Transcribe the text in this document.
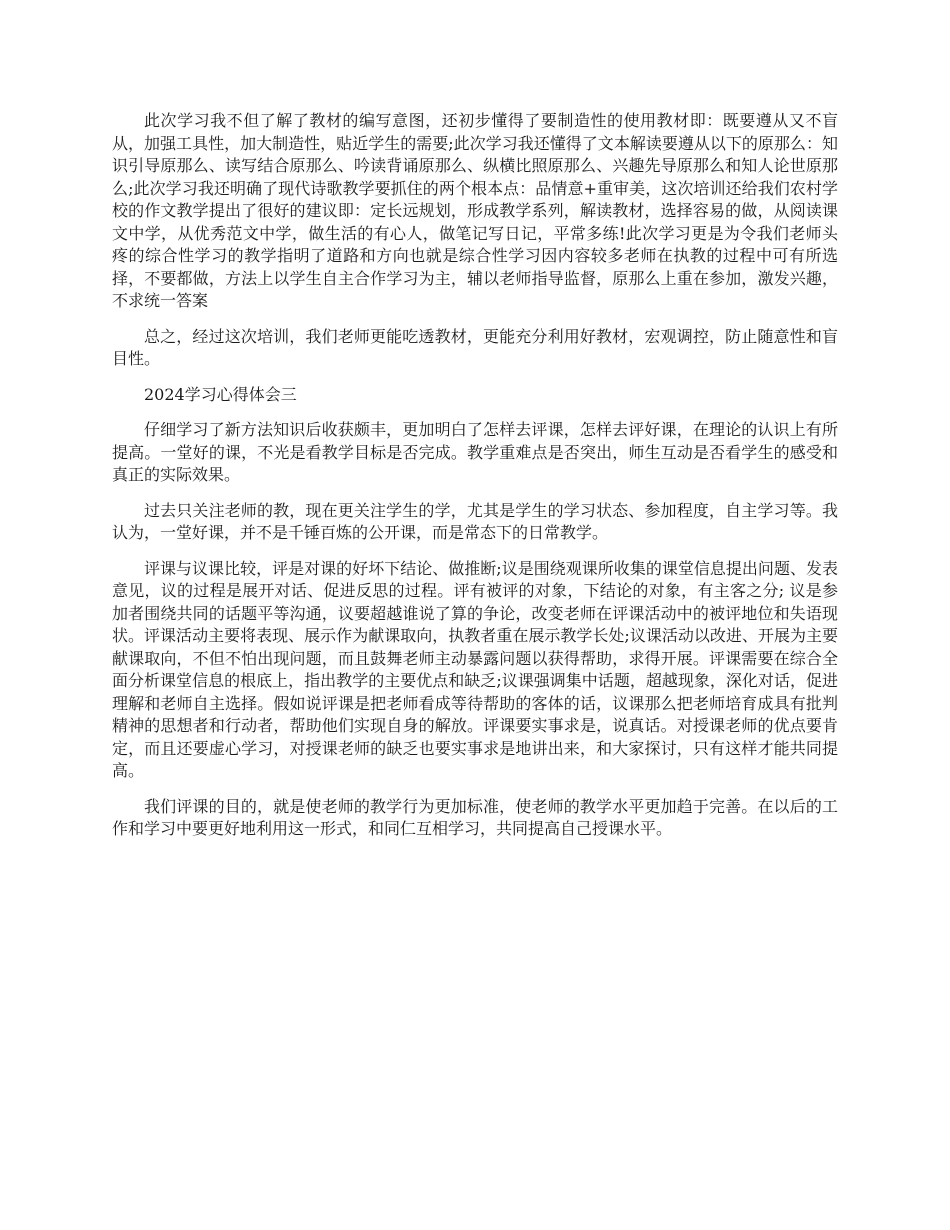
此次学习我不但了解了教材的编写意图，还初步懂得了要制造性的使用教材即：既要遵从又不盲从，加强工具性，加大制造性，贴近学生的需要;此次学习我还懂得了文本解读要遵从以下的原那么：知识引导原那么、读写结合原那么、吟读背诵原那么、纵横比照原那么、兴趣先导原那么和知人论世原那么;此次学习我还明确了现代诗歌教学要抓住的两个根本点：品情意+重审美，这次培训还给我们农村学校的作文教学提出了很好的建议即：定长远规划，形成教学系列，解读教材，选择容易的做，从阅读课文中学，从优秀范文中学，做生活的有心人，做笔记写日记，平常多练!此次学习更是为令我们老师头疼的综合性学习的教学指明了道路和方向也就是综合性学习因内容较多老师在执教的过程中可有所选择，不要都做，方法上以学生自主合作学习为主，辅以老师指导监督，原那么上重在参加，激发兴趣，不求统一答案

总之，经过这次培训，我们老师更能吃透教材，更能充分利用好教材，宏观调控，防止随意性和盲目性。

2024学习心得体会三

仔细学习了新方法知识后收获颇丰，更加明白了怎样去评课，怎样去评好课，在理论的认识上有所提高。一堂好的课，不光是看教学目标是否完成。教学重难点是否突出，师生互动是否看学生的感受和真正的实际效果。

过去只关注老师的教，现在更关注学生的学，尤其是学生的学习状态、参加程度，自主学习等。我认为，一堂好课，并不是千锤百炼的公开课，而是常态下的日常教学。

评课与议课比较，评是对课的好坏下结论、做推断;议是围绕观课所收集的课堂信息提出问题、发表意见，议的过程是展开对话、促进反思的过程。评有被评的对象，下结论的对象，有主客之分; 议是参加者围绕共同的话题平等沟通，议要超越谁说了算的争论，改变老师在评课活动中的被评地位和失语现状。评课活动主要将表现、展示作为献课取向，执教者重在展示教学长处;议课活动以改进、开展为主要献课取向，不但不怕出现问题，而且鼓舞老师主动暴露问题以获得帮助，求得开展。评课需要在综合全面分析课堂信息的根底上，指出教学的主要优点和缺乏;议课强调集中话题，超越现象，深化对话，促进理解和老师自主选择。假如说评课是把老师看成等待帮助的客体的话，议课那么把老师培育成具有批判精神的思想者和行动者，帮助他们实现自身的解放。评课要实事求是，说真话。对授课老师的优点要肯定，而且还要虚心学习，对授课老师的缺乏也要实事求是地讲出来，和大家探讨，只有这样才能共同提高。

我们评课的目的，就是使老师的教学行为更加标准，使老师的教学水平更加趋于完善。在以后的工作和学习中要更好地利用这一形式，和同仁互相学习，共同提高自己授课水平。
